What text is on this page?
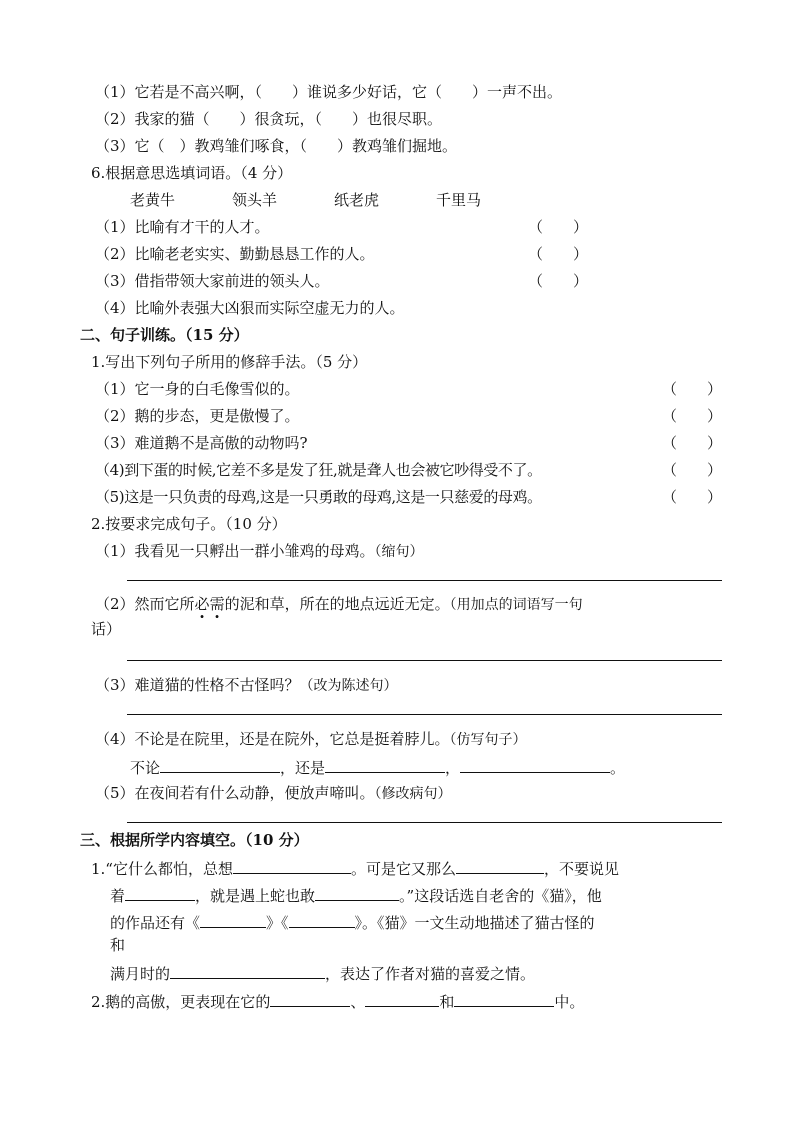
（1）它若是不高兴啊，（　　）谁说多少好话，它（　　）一声不出。
（2）我家的猫（　　）很贪玩，（　　）也很尽职。
（3）它（　）教鸡雏们啄食，（　　）教鸡雏们掘地。
6.根据意思选填词语。（4 分）
老黄牛	领头羊	纸老虎	千里马
（1）比喻有才干的人才。	（　　）
（2）比喻老老实实、勤勤恳恳工作的人。	（　　）
（3）借指带领大家前进的领头人。	（　　）
（4）比喻外表强大凶狠而实际空虚无力的人。
二、句子训练。（15 分）
1.写出下列句子所用的修辞手法。（5 分）
（1）它一身的白毛像雪似的。	（　　）
（2）鹅的步态，更是傲慢了。	（　　）
（3）难道鹅不是高傲的动物吗?	（　　）
（4)到下蛋的时候,它差不多是发了狂,就是聋人也会被它吵得受不了。	（　　）
（5)这是一只负责的母鸡,这是一只勇敢的母鸡,这是一只慈爱的母鸡。	（　　）
2.按要求完成句子。（10 分）
（1）我看见一只孵出一群小雏鸡的母鸡。（缩句）
（2）然而它所必需的泥和草，所在的地点远近无定。（用加点的词语写一句
话）
（3）难道猫的性格不古怪吗？（改为陈述句）
（4）不论是在院里，还是在院外，它总是挺着脖儿。（仿写句子）
不论	，还是	，	。
（5）在夜间若有什么动静，便放声啼叫。（修改病句）
三、根据所学内容填空。（10 分）
1.“它什么都怕，总想	。可是它又那么	，不要说见
着	，就是遇上蛇也敢	。”这段话选自老舍的《猫》，他
的作品还有《	》《	》。《猫》一文生动地描述了猫古怪的
和
满月时的	，表达了作者对猫的喜爱之情。
2.鹅的高傲，更表现在它的	、	和	中。
